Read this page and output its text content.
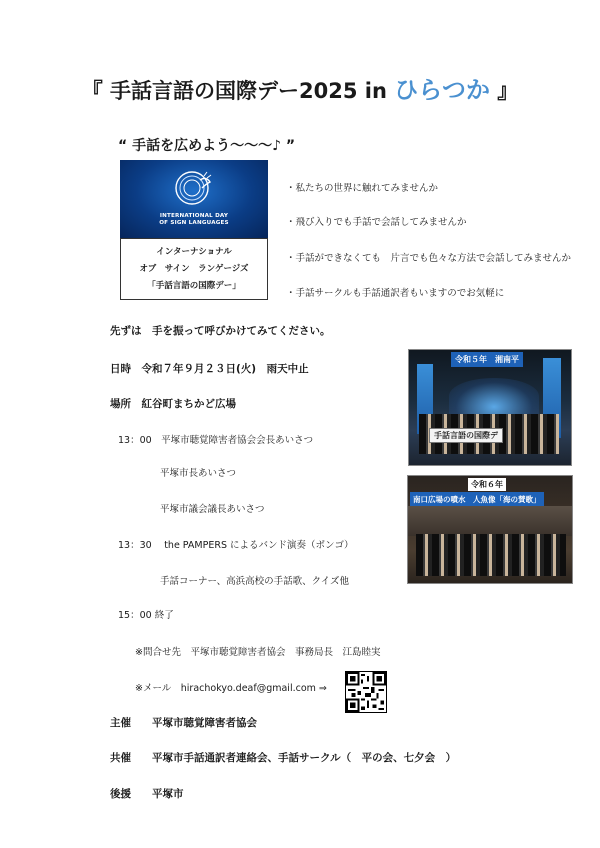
『 手話言語の国際デー2025 in ひらつか 』
“ 手話を広めよう～～～♪ ”
INTERNATIONAL DAY
OF SIGN LANGUAGES
インターナショナル
オブ　サイン　ランゲージズ
「手話言語の国際デー」
・私たちの世界に触れてみませんか
・飛び入りでも手話で会話してみませんか
・手話ができなくても　片言でも色々な方法で会話してみませんか
・手話サークルも手話通訳者もいますのでお気軽に
先ずは　手を振って呼びかけてみてください。
日時　令和７年９月２３日(火)　雨天中止
場所　紅谷町まちかど広場
13：00　平塚市聴覚障害者協会会長あいさつ
平塚市長あいさつ
平塚市議会議長あいさつ
13：30　 the PAMPERS によるバンド演奏（ボンゴ）
手話コーナー、高浜高校の手話歌、クイズ他
15：00 終了
※問合せ先　平塚市聴覚障害者協会　事務局長　江島睦実
※メール　hirachokyo.deaf@gmail.com ⇒
主催　　平塚市聴覚障害者協会
共催　　平塚市手話通訳者連絡会、手話サークル（　平の会、七夕会　）
後援　　平塚市
令和５年　湘南平
手話言語の国際デ
令和６年
南口広場の噴水　人魚像「海の賛歌」
